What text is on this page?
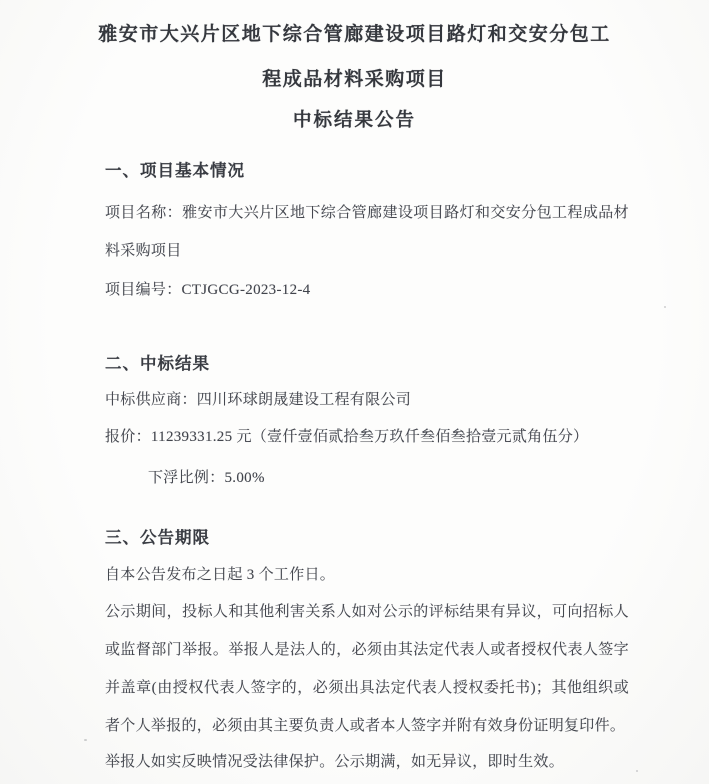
雅安市大兴片区地下综合管廊建设项目路灯和交安分包工程成品材料采购项目
中标结果公告
一、项目基本情况
项目名称：雅安市大兴片区地下综合管廊建设项目路灯和交安分包工程成品材料采购项目
项目编号：CTJGCG-2023-12-4
二、中标结果
中标供应商：四川环球朗晟建设工程有限公司
报价：11239331.25 元（壹仟壹佰贰拾叁万玖仟叁佰叁拾壹元贰角伍分）
下浮比例：5.00%
三、公告期限
自本公告发布之日起 3 个工作日。
公示期间，投标人和其他利害关系人如对公示的评标结果有异议，可向招标人或监督部门举报。举报人是法人的，必须由其法定代表人或者授权代表人签字并盖章(由授权代表人签字的，必须出具法定代表人授权委托书)；其他组织或者个人举报的，必须由其主要负责人或者本人签字并附有效身份证明复印件。
举报人如实反映情况受法律保护。公示期满，如无异议，即时生效。
